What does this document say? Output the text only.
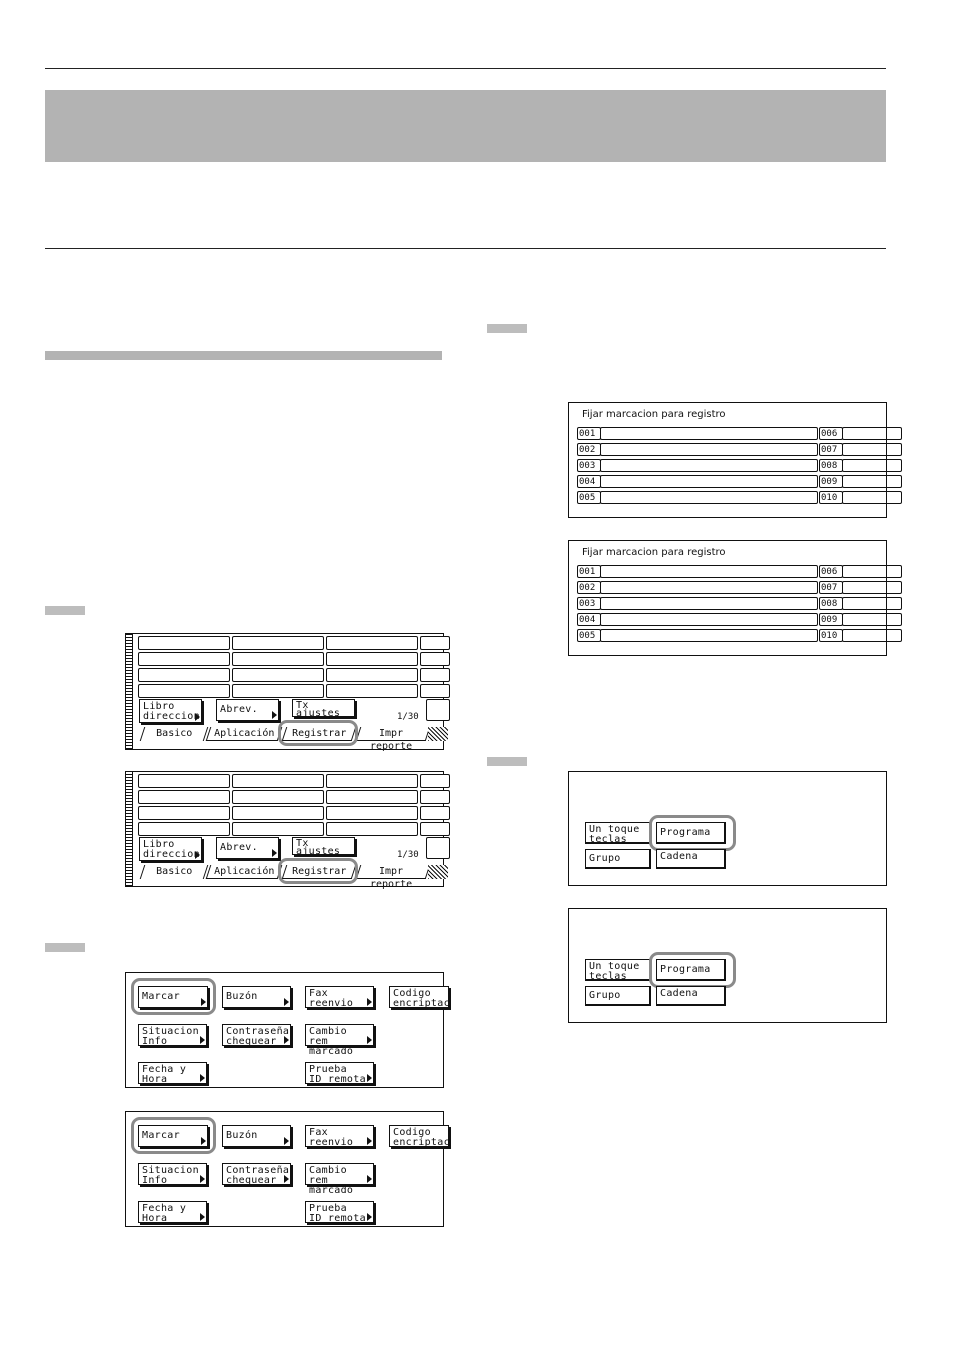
Libro
direccion
Abrev.	Tx
ajustes	1/30
Basico	Aplicación	Registrar	Impr reporte
Libro
direccion
Abrev.	Tx
ajustes	1/30
Basico	Aplicación	Registrar	Impr reporte
Marcar	Buzón	Fax
reenvio
Codigo
encriptac
Situacion
Info
Contraseña
chequear
Cambio rem
marcado
Fecha y
Hora
Prueba
ID remota
Marcar	Buzón	Fax
reenvio
Codigo
encriptac
Situacion
Info
Contraseña
chequear
Cambio rem
marcado
Fecha y
Hora
Prueba
ID remota
Fijar marcacion para registro
001	006
002	007
003	008
004	009
005	010
Fijar marcacion para registro
001	006
002	007
003	008
004	009
005	010
Un toque
teclas
Programa
Grupo	Cadena
Un toque
teclas
Programa
Grupo	Cadena
